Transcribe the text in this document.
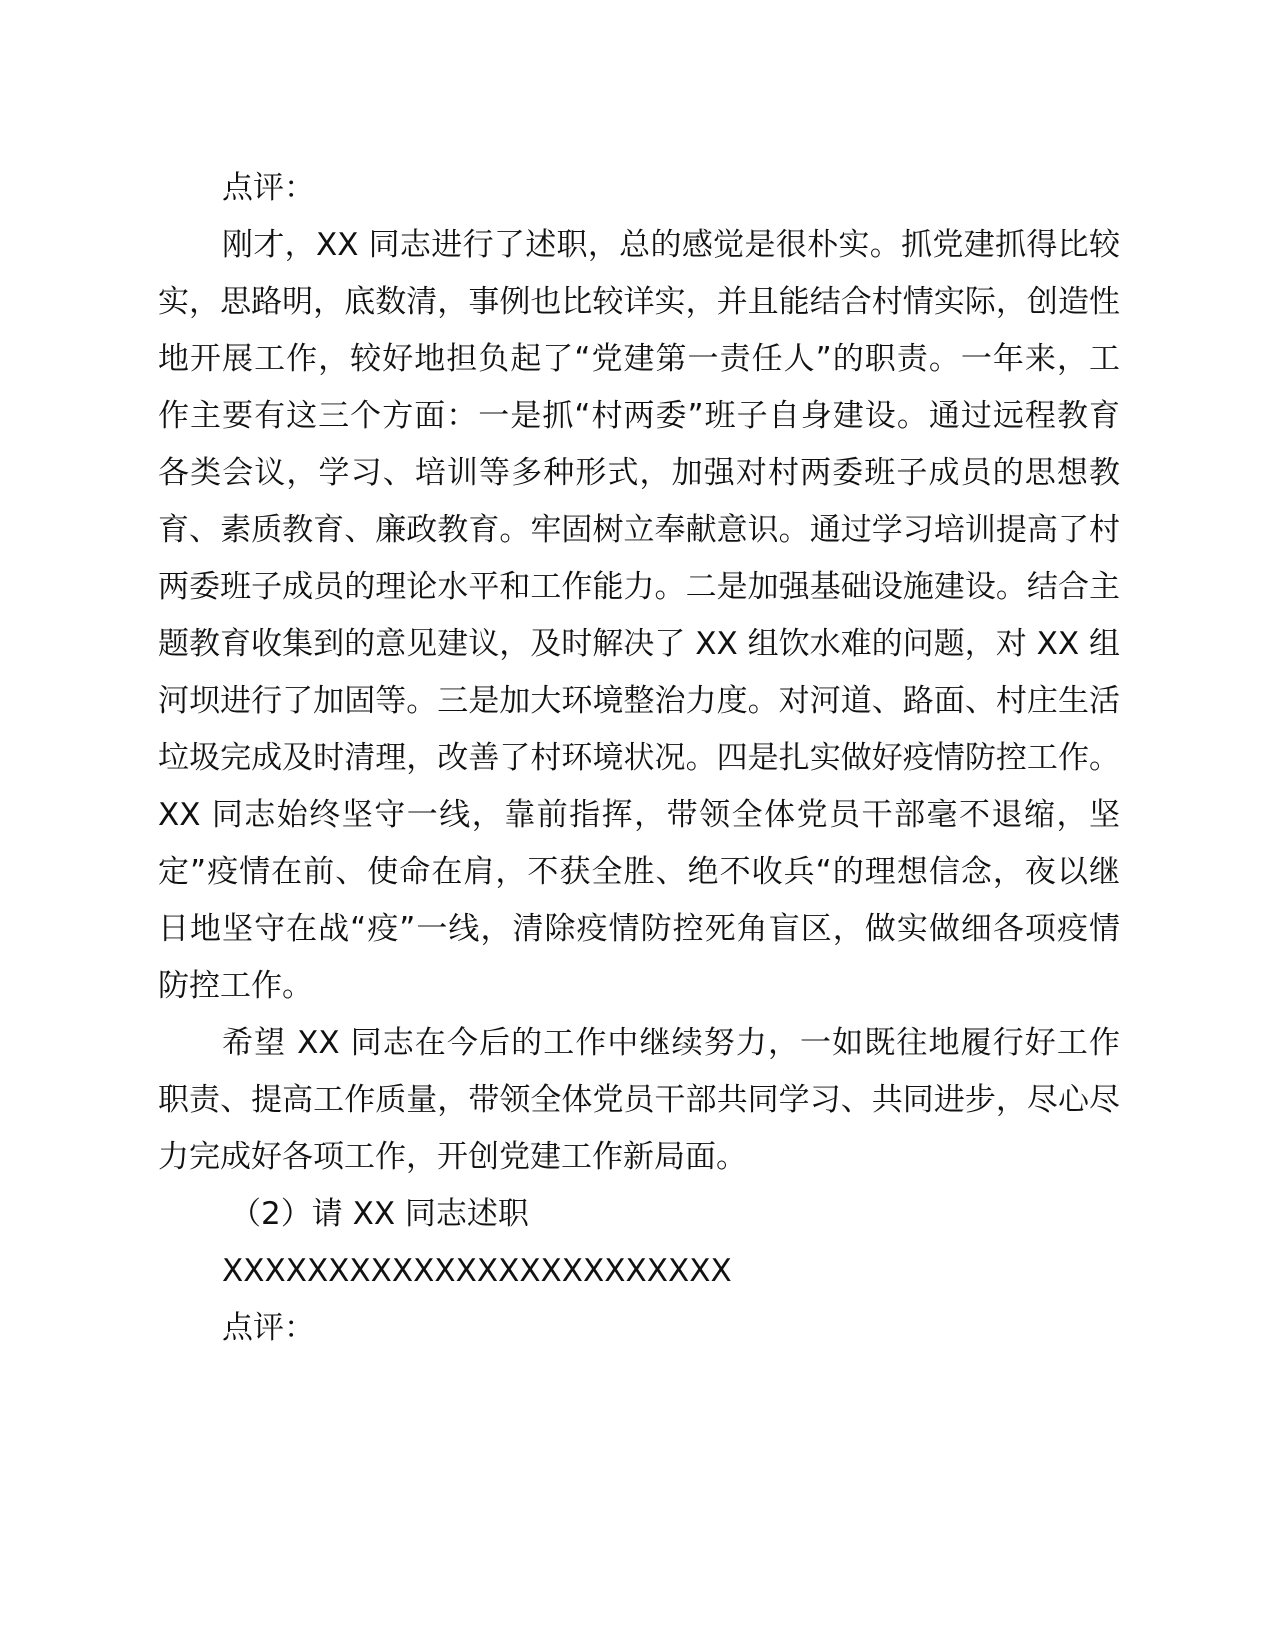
点评：

刚才，XX 同志进行了述职，总的感觉是很朴实。抓党建抓得比较实，思路明，底数清，事例也比较详实，并且能结合村情实际，创造性地开展工作，较好地担负起了“党建第一责任人”的职责。一年来，工作主要有这三个方面：一是抓“村两委”班子自身建设。通过远程教育各类会议，学习、培训等多种形式，加强对村两委班子成员的思想教育、素质教育、廉政教育。牢固树立奉献意识。通过学习培训提高了村两委班子成员的理论水平和工作能力。二是加强基础设施建设。结合主题教育收集到的意见建议，及时解决了 XX 组饮水难的问题，对 XX 组河坝进行了加固等。三是加大环境整治力度。对河道、路面、村庄生活垃圾完成及时清理，改善了村环境状况。四是扎实做好疫情防控工作。XX 同志始终坚守一线，靠前指挥，带领全体党员干部毫不退缩，坚定”疫情在前、使命在肩，不获全胜、绝不收兵“的理想信念，夜以继日地坚守在战“疫”一线，清除疫情防控死角盲区，做实做细各项疫情防控工作。

希望 XX 同志在今后的工作中继续努力，一如既往地履行好工作职责、提高工作质量，带领全体党员干部共同学习、共同进步，尽心尽力完成好各项工作，开创党建工作新局面。

（2）请 XX 同志述职

XXXXXXXXXXXXXXXXXXXXXXXX

点评：
